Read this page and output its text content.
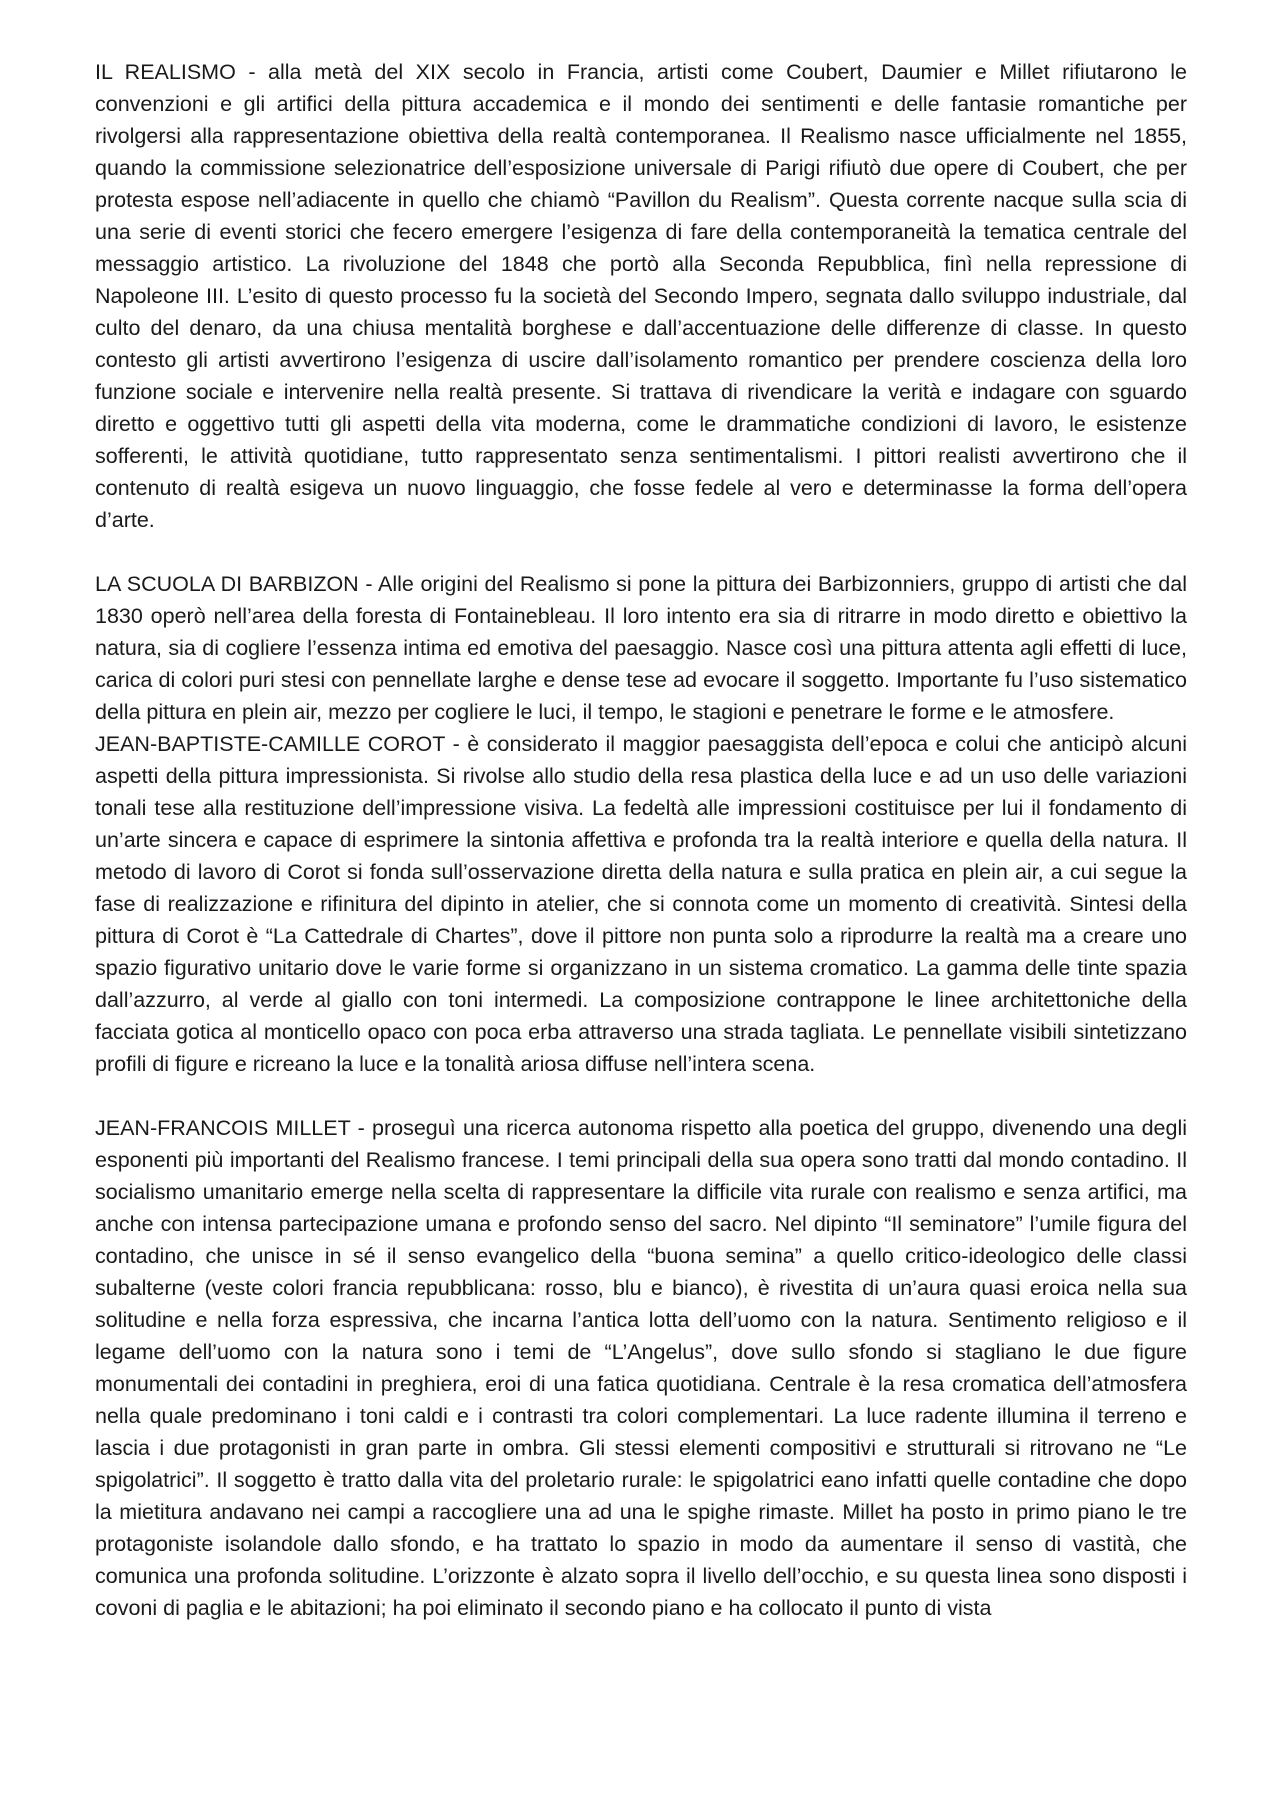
IL REALISMO - alla metà del XIX secolo in Francia, artisti come Coubert, Daumier e Millet rifiutarono le convenzioni e gli artifici della pittura accademica e il mondo dei sentimenti e delle fantasie romantiche per rivolgersi alla rappresentazione obiettiva della realtà contemporanea. Il Realismo nasce ufficialmente nel 1855, quando la commissione selezionatrice dell’esposizione universale di Parigi rifiutò due opere di Coubert, che per protesta espose nell’adiacente in quello che chiamò “Pavillon du Realism”. Questa corrente nacque sulla scia di una serie di eventi storici che fecero emergere l’esigenza di fare della contemporaneità la tematica centrale del messaggio artistico. La rivoluzione del 1848 che portò alla Seconda Repubblica, finì nella repressione di Napoleone III. L’esito di questo processo fu la società del Secondo Impero, segnata dallo sviluppo industriale, dal culto del denaro, da una chiusa mentalità borghese e dall’accentuazione delle differenze di classe. In questo contesto gli artisti avvertirono l’esigenza di uscire dall’isolamento romantico per prendere coscienza della loro funzione sociale e intervenire nella realtà presente. Si trattava di rivendicare la verità e indagare con sguardo diretto e oggettivo tutti gli aspetti della vita moderna, come le drammatiche condizioni di lavoro, le esistenze sofferenti, le attività quotidiane, tutto rappresentato senza sentimentalismi. I pittori realisti avvertirono che il contenuto di realtà esigeva un nuovo linguaggio, che fosse fedele al vero e determinasse la forma dell’opera d’arte.

LA SCUOLA DI BARBIZON - Alle origini del Realismo si pone la pittura dei Barbizonniers, gruppo di artisti che dal 1830 operò nell’area della foresta di Fontainebleau. Il loro intento era sia di ritrarre in modo diretto e obiettivo la natura, sia di cogliere l’essenza intima ed emotiva del paesaggio. Nasce così una pittura attenta agli effetti di luce, carica di colori puri stesi con pennellate larghe e dense tese ad evocare il soggetto. Importante fu l’uso sistematico della pittura en plein air, mezzo per cogliere le luci, il tempo, le stagioni e penetrare le forme e le atmosfere.

JEAN-BAPTISTE-CAMILLE COROT - è considerato il maggior paesaggista dell’epoca e colui che anticipò alcuni aspetti della pittura impressionista. Si rivolse allo studio della resa plastica della luce e ad un uso delle variazioni tonali tese alla restituzione dell’impressione visiva. La fedeltà alle impressioni costituisce per lui il fondamento di un’arte sincera e capace di esprimere la sintonia affettiva e profonda tra la realtà interiore e quella della natura. Il metodo di lavoro di Corot si fonda sull’osservazione diretta della natura e sulla pratica en plein air, a cui segue la fase di realizzazione e rifinitura del dipinto in atelier, che si connota come un momento di creatività. Sintesi della pittura di Corot è “La Cattedrale di Chartes”, dove il pittore non punta solo a riprodurre la realtà ma a creare uno spazio figurativo unitario dove le varie forme si organizzano in un sistema cromatico. La gamma delle tinte spazia dall’azzurro, al verde al giallo con toni intermedi. La composizione contrappone le linee architettoniche della facciata gotica al monticello opaco con poca erba attraverso una strada tagliata. Le pennellate visibili sintetizzano profili di figure e ricreano la luce e la tonalità ariosa diffuse nell’intera scena.

JEAN-FRANCOIS MILLET - proseguì una ricerca autonoma rispetto alla poetica del gruppo, divenendo una degli esponenti più importanti del Realismo francese. I temi principali della sua opera sono tratti dal mondo contadino. Il socialismo umanitario emerge nella scelta di rappresentare la difficile vita rurale con realismo e senza artifici, ma anche con intensa partecipazione umana e profondo senso del sacro. Nel dipinto “Il seminatore” l’umile figura del contadino, che unisce in sé il senso evangelico della “buona semina” a quello critico-ideologico delle classi subalterne (veste colori francia repubblicana: rosso, blu e bianco), è rivestita di un’aura quasi eroica nella sua solitudine e nella forza espressiva, che incarna l’antica lotta dell’uomo con la natura. Sentimento religioso e il legame dell’uomo con la natura sono i temi de “L’Angelus”, dove sullo sfondo si stagliano le due figure monumentali dei contadini in preghiera, eroi di una fatica quotidiana. Centrale è la resa cromatica dell’atmosfera nella quale predominano i toni caldi e i contrasti tra colori complementari. La luce radente illumina il terreno e lascia i due protagonisti in gran parte in ombra. Gli stessi elementi compositivi e strutturali si ritrovano ne “Le spigolatrici”. Il soggetto è tratto dalla vita del proletario rurale: le spigolatrici eano infatti quelle contadine che dopo la mietitura andavano nei campi a raccogliere una ad una le spighe rimaste. Millet ha posto in primo piano le tre protagoniste isolandole dallo sfondo, e ha trattato lo spazio in modo da aumentare il senso di vastità, che comunica una profonda solitudine. L’orizzonte è alzato sopra il livello dell’occhio, e su questa linea sono disposti i covoni di paglia e le abitazioni; ha poi eliminato il secondo piano e ha collocato il punto di vista
